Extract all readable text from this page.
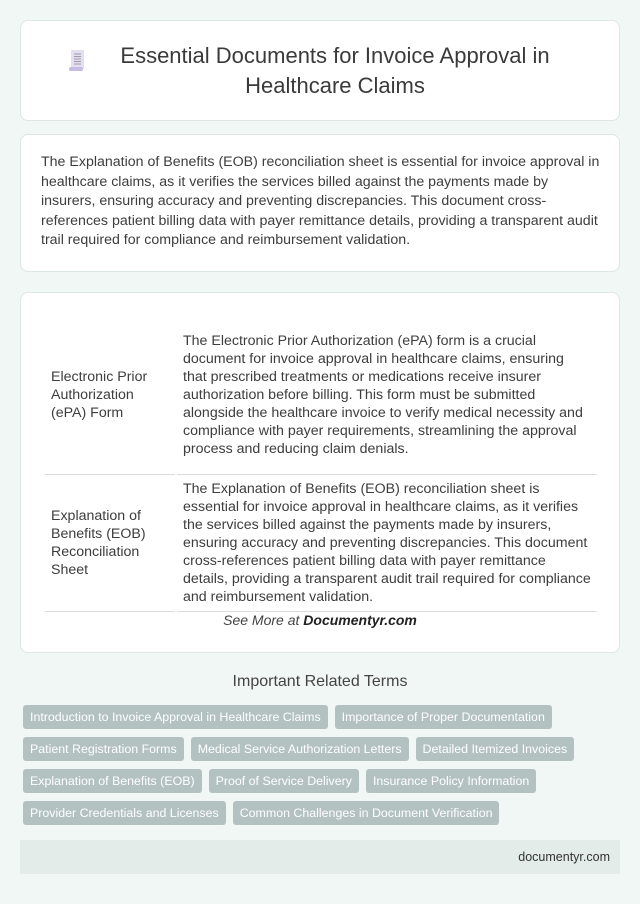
Essential Documents for Invoice Approval in Healthcare Claims

The Explanation of Benefits (EOB) reconciliation sheet is essential for invoice approval in healthcare claims, as it verifies the services billed against the payments made by insurers, ensuring accuracy and preventing discrepancies. This document cross-references patient billing data with payer remittance details, providing a transparent audit trail required for compliance and reimbursement validation.

Electronic Prior Authorization (ePA) Form	The Electronic Prior Authorization (ePA) form is a crucial document for invoice approval in healthcare claims, ensuring that prescribed treatments or medications receive insurer authorization before billing. This form must be submitted alongside the healthcare invoice to verify medical necessity and compliance with payer requirements, streamlining the approval process and reducing claim denials.
Explanation of Benefits (EOB) Reconciliation Sheet	The Explanation of Benefits (EOB) reconciliation sheet is essential for invoice approval in healthcare claims, as it verifies the services billed against the payments made by insurers, ensuring accuracy and preventing discrepancies. This document cross-references patient billing data with payer remittance details, providing a transparent audit trail required for compliance and reimbursement validation.
See More at Documentyr.com
Important Related Terms
Introduction to Invoice Approval in Healthcare Claims	Importance of Proper Documentation
Patient Registration Forms	Medical Service Authorization Letters	Detailed Itemized Invoices
Explanation of Benefits (EOB)	Proof of Service Delivery	Insurance Policy Information
Provider Credentials and Licenses	Common Challenges in Document Verification
documentyr.com
